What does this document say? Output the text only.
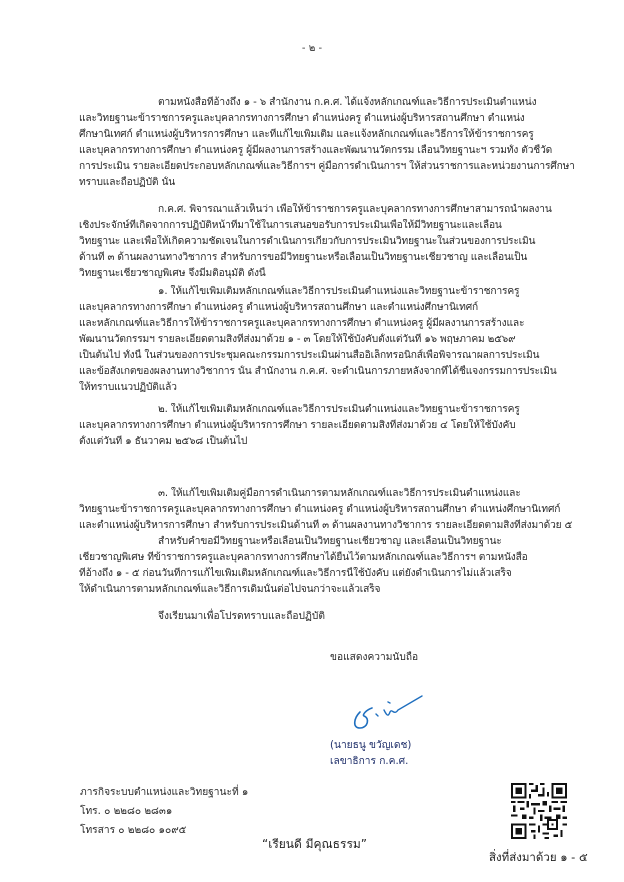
- ๒ -
ตามหนังสือที่อ้างถึง ๑ - ๖ สำนักงาน ก.ค.ศ. ได้แจ้งหลักเกณฑ์และวิธีการประเมินตำแหน่ง
และวิทยฐานะข้าราชการครูและบุคลากรทางการศึกษา ตำแหน่งครู ตำแหน่งผู้บริหารสถานศึกษา ตำแหน่ง
ศึกษานิเทศก์ ตำแหน่งผู้บริหารการศึกษา และที่แก้ไขเพิ่มเติม และแจ้งหลักเกณฑ์และวิธีการให้ข้าราชการครู
และบุคลากรทางการศึกษา ตำแหน่งครู ผู้มีผลงานการสร้างและพัฒนานวัตกรรม เลื่อนวิทยฐานะฯ รวมทั้ง ตัวชี้วัด
การประเมิน รายละเอียดประกอบหลักเกณฑ์และวิธีการฯ คู่มือการดำเนินการฯ ให้ส่วนราชการและหน่วยงานการศึกษา
ทราบและถือปฏิบัติ นั้น
ก.ค.ศ. พิจารณาแล้วเห็นว่า เพื่อให้ข้าราชการครูและบุคลากรทางการศึกษาสามารถนำผลงาน
เชิงประจักษ์ที่เกิดจากการปฏิบัติหน้าที่มาใช้ในการเสนอขอรับการประเมินเพื่อให้มีวิทยฐานะและเลื่อน
วิทยฐานะ และเพื่อให้เกิดความชัดเจนในการดำเนินการเกี่ยวกับการประเมินวิทยฐานะในส่วนของการประเมิน
ด้านที่ ๓ ด้านผลงานทางวิชาการ สำหรับการขอมีวิทยฐานะหรือเลื่อนเป็นวิทยฐานะเชี่ยวชาญ และเลื่อนเป็น
วิทยฐานะเชี่ยวชาญพิเศษ จึงมีมติอนุมัติ ดังนี้
๑. ให้แก้ไขเพิ่มเติมหลักเกณฑ์และวิธีการประเมินตำแหน่งและวิทยฐานะข้าราชการครู
และบุคลากรทางการศึกษา ตำแหน่งครู ตำแหน่งผู้บริหารสถานศึกษา และตำแหน่งศึกษานิเทศก์
และหลักเกณฑ์และวิธีการให้ข้าราชการครูและบุคลากรทางการศึกษา ตำแหน่งครู ผู้มีผลงานการสร้างและ
พัฒนานวัตกรรมฯ รายละเอียดตามสิ่งที่ส่งมาด้วย ๑ - ๓ โดยให้ใช้บังคับตั้งแต่วันที่ ๑๖ พฤษภาคม ๒๕๖๙
เป็นต้นไป ทั้งนี้ ในส่วนของการประชุมคณะกรรมการประเมินผ่านสื่ออิเล็กทรอนิกส์เพื่อพิจารณาผลการประเมิน
และข้อสังเกตของผลงานทางวิชาการ นั้น สำนักงาน ก.ค.ศ. จะดำเนินการภายหลังจากที่ได้ชี้แจงกรรมการประเมิน
ให้ทราบแนวปฏิบัติแล้ว
๒. ให้แก้ไขเพิ่มเติมหลักเกณฑ์และวิธีการประเมินตำแหน่งและวิทยฐานะข้าราชการครู
และบุคลากรทางการศึกษา ตำแหน่งผู้บริหารการศึกษา รายละเอียดตามสิ่งที่ส่งมาด้วย ๔ โดยให้ใช้บังคับ
ตั้งแต่วันที่ ๑ ธันวาคม ๒๕๖๘ เป็นต้นไป
๓. ให้แก้ไขเพิ่มเติมคู่มือการดำเนินการตามหลักเกณฑ์และวิธีการประเมินตำแหน่งและ
วิทยฐานะข้าราชการครูและบุคลากรทางการศึกษา ตำแหน่งครู ตำแหน่งผู้บริหารสถานศึกษา ตำแหน่งศึกษานิเทศก์
และตำแหน่งผู้บริหารการศึกษา สำหรับการประเมินด้านที่ ๓ ด้านผลงานทางวิชาการ รายละเอียดตามสิ่งที่ส่งมาด้วย ๕
สำหรับคำขอมีวิทยฐานะหรือเลื่อนเป็นวิทยฐานะเชี่ยวชาญ และเลื่อนเป็นวิทยฐานะ
เชี่ยวชาญพิเศษ ที่ข้าราชการครูและบุคลากรทางการศึกษาได้ยื่นไว้ตามหลักเกณฑ์และวิธีการฯ ตามหนังสือ
ที่อ้างถึง ๑ - ๕ ก่อนวันที่การแก้ไขเพิ่มเติมหลักเกณฑ์และวิธีการนี้ใช้บังคับ แต่ยังดำเนินการไม่แล้วเสร็จ
ให้ดำเนินการตามหลักเกณฑ์และวิธีการเดิมนั้นต่อไปจนกว่าจะแล้วเสร็จ
จึงเรียนมาเพื่อโปรดทราบและถือปฏิบัติ
ขอแสดงความนับถือ
(นายธนู ขวัญเดช)
เลขาธิการ ก.ค.ศ.
ภารกิจระบบตำแหน่งและวิทยฐานะที่ ๑
โทร. ๐ ๒๒๘๐ ๒๘๓๑
โทรสาร ๐ ๒๒๘๐ ๑๐๙๕
“เรียนดี มีคุณธรรม”
สิ่งที่ส่งมาด้วย ๑ - ๕
